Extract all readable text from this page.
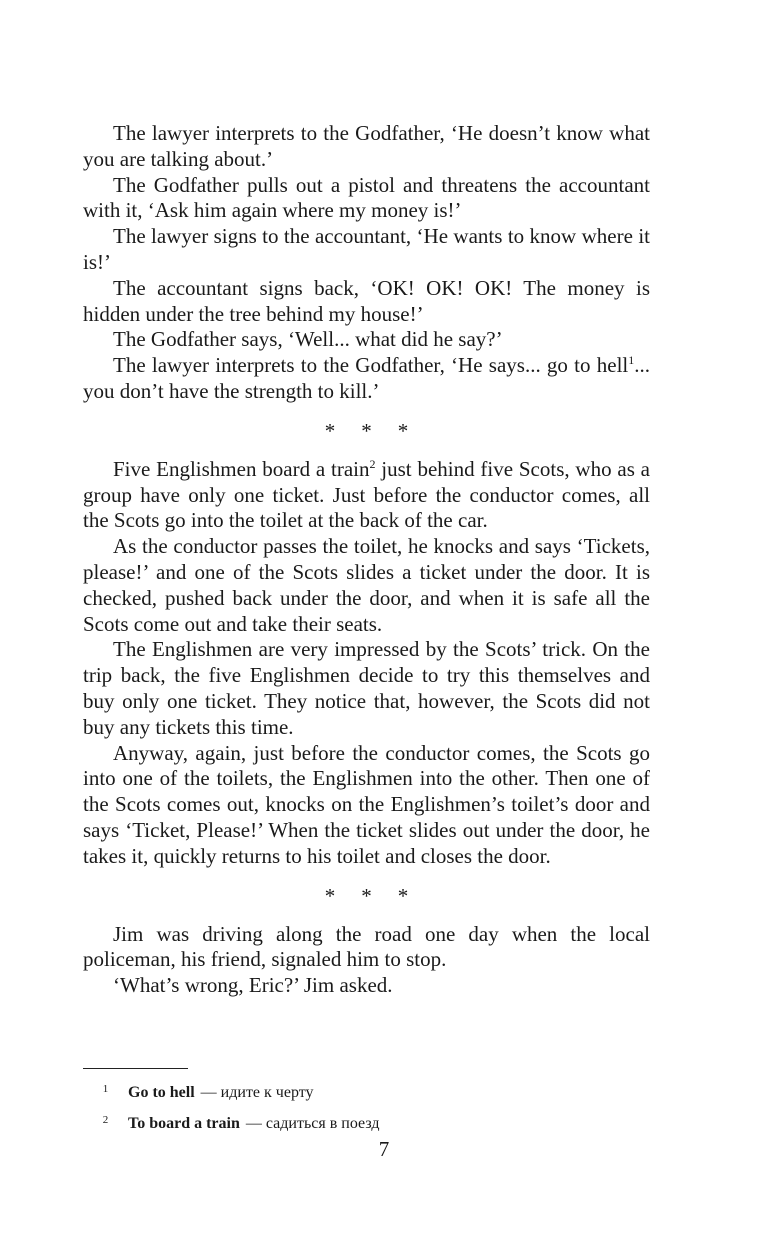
The lawyer interprets to the Godfather, ‘He doesn’t know what you are talking about.’

The Godfather pulls out a pistol and threatens the accountant with it, ‘Ask him again where my money is!’

The lawyer signs to the accountant, ‘He wants to know where it is!’

The accountant signs back, ‘OK! OK! OK! The money is hidden under the tree behind my house!’

The Godfather says, ‘Well... what did he say?’

The lawyer interprets to the Godfather, ‘He says... go to hell$^1$... you don’t have the strength to kill.’

* * *

Five Englishmen board a train$^2$ just behind five Scots, who as a group have only one ticket. Just before the conductor comes, all the Scots go into the toilet at the back of the car.

As the conductor passes the toilet, he knocks and says ‘Tickets, please!’ and one of the Scots slides a ticket under the door. It is checked, pushed back under the door, and when it is safe all the Scots come out and take their seats.

The Englishmen are very impressed by the Scots’ trick. On the trip back, the five Englishmen decide to try this themselves and buy only one ticket. They notice that, however, the Scots did not buy any tickets this time.

Anyway, again, just before the conductor comes, the Scots go into one of the toilets, the Englishmen into the other. Then one of the Scots comes out, knocks on the Englishmen’s toilet’s door and says ‘Ticket, Please!’ When the ticket slides out under the door, he takes it, quickly returns to his toilet and closes the door.

* * *

Jim was driving along the road one day when the local policeman, his friend, signaled him to stop.

‘What’s wrong, Eric?’ Jim asked.

1	Go to hell — идите к черту
2	To board a train — садиться в поезд
7
